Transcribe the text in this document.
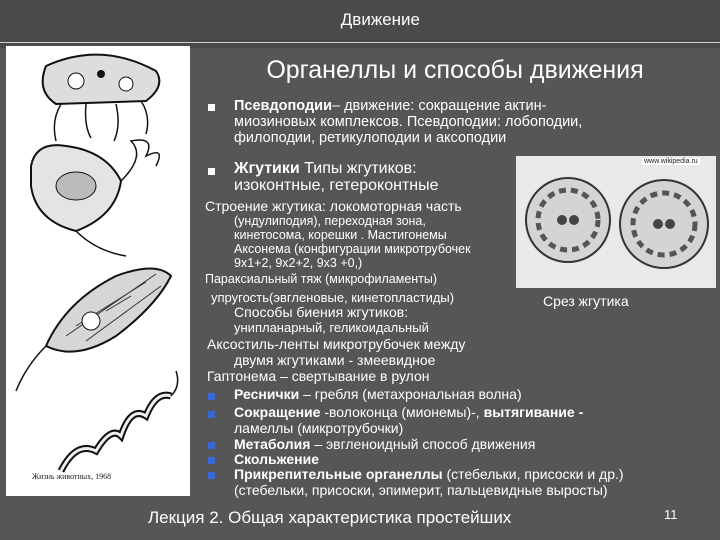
Движение
Жизнь животных, 1968
Органеллы и способы движения
Псевдоподии– движение: сокращение актин-
миозиновых комплексов. Псевдоподии: лобоподии,
филоподии, ретикулоподии и аксоподии
Жгутики Типы жгутиков:
изоконтные, гетероконтные
Строение жгутика: локомоторная часть
(ундулиподия), переходная зона,
кинетосома, корешки . Мастигонемы
Аксонема (конфигурации микротрубочек
9х1+2, 9х2+2, 9х3 +0,)
Параксиальный тяж (микрофиламенты)
упругость(эвгленовые, кинетопластиды)
www.wikipedia.ru
Срез жгутика
Способы биения жгутиков:
унипланарный, геликоидальный
Аксостиль-ленты микротрубочек между
двумя жгутиками - змеевидное
Гаптонема – свертывание в рулон
Реснички – гребля (метахрональная волна)
Сокращение -волоконца (мионемы)-, вытягивание -
ламеллы (микротрубочки)
Метаболия – эвгленоидный способ движения
Скольжение
Прикрепительные органеллы (стебельки, присоски и др.)
(стебельки, присоски, эпимерит, пальцевидные выросты)
Лекция 2. Общая характеристика простейших	11
